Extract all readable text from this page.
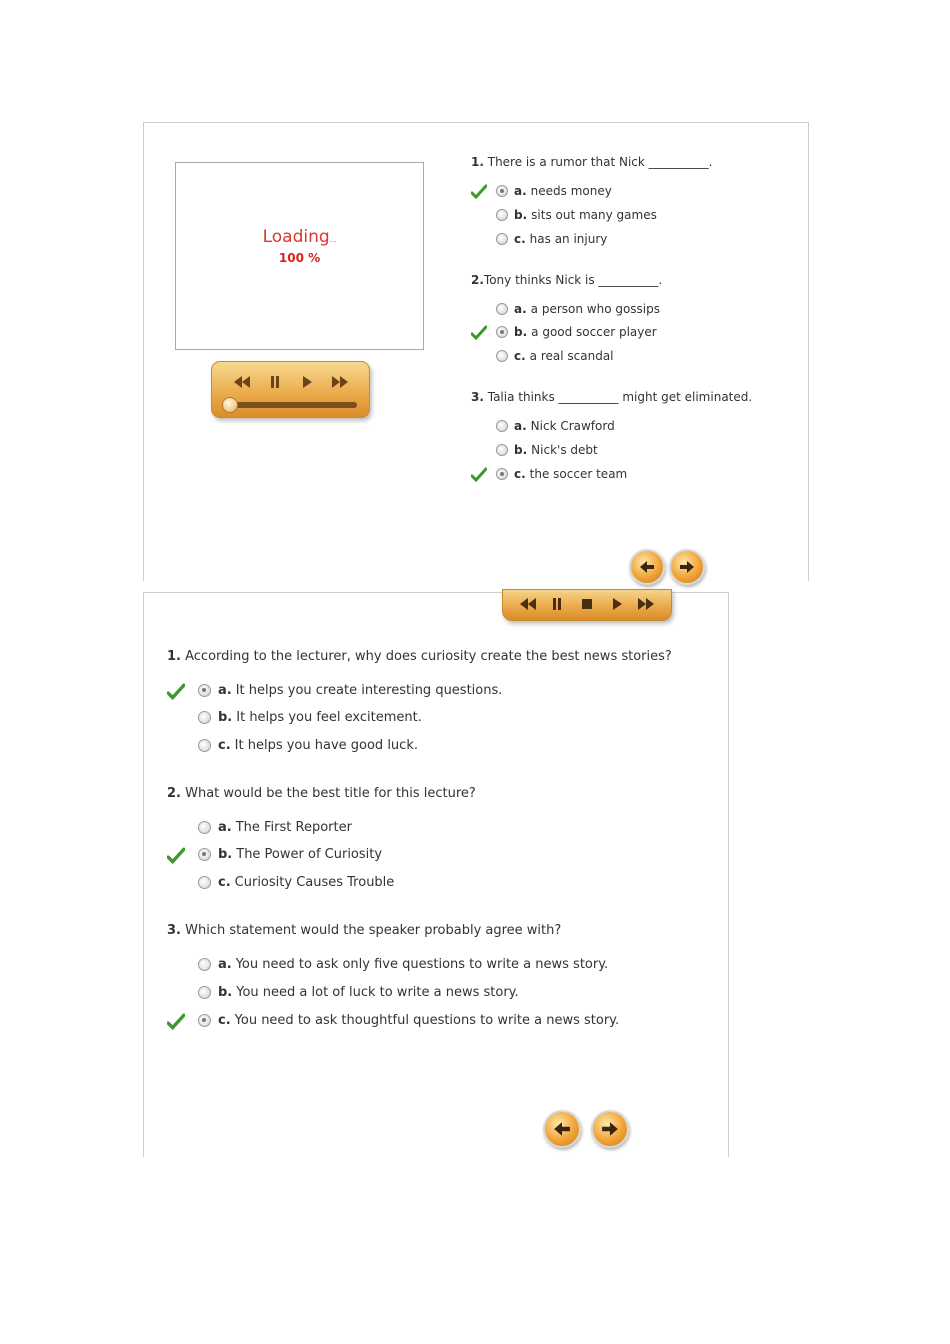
Loading...
100 %
1. There is a rumor that Nick __________.
a. needs money
b. sits out many games
c. has an injury
2.Tony thinks Nick is __________.
a. a person who gossips
b. a good soccer player
c. a real scandal
3. Talia thinks __________ might get eliminated.
a. Nick Crawford
b. Nick's debt
c. the soccer team
1. According to the lecturer, why does curiosity create the best news stories?
a. It helps you create interesting questions.
b. It helps you feel excitement.
c. It helps you have good luck.
2. What would be the best title for this lecture?
a. The First Reporter
b. The Power of Curiosity
c. Curiosity Causes Trouble
3. Which statement would the speaker probably agree with?
a. You need to ask only five questions to write a news story.
b. You need a lot of luck to write a news story.
c. You need to ask thoughtful questions to write a news story.
